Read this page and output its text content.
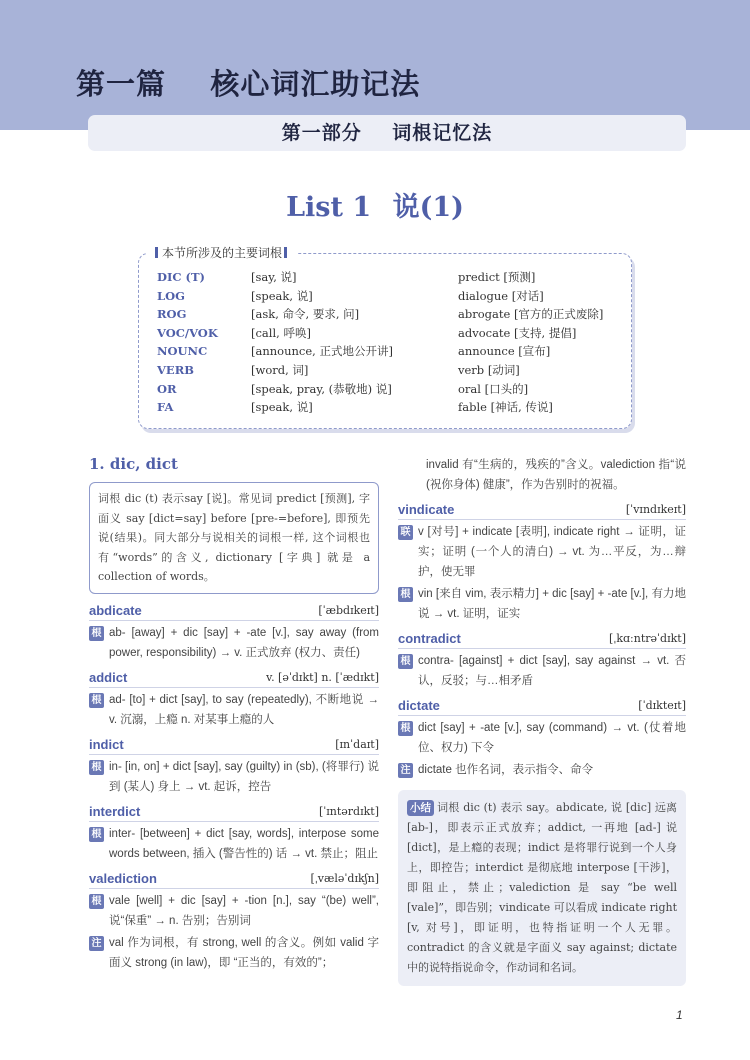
第一篇    核心词汇助记法
第一部分    词根记忆法
List 1 说(1)
本节所涉及的主要词根
DIC (T)	[say, 说]	predict [预测]
LOG	[speak, 说]	dialogue [对话]
ROG	[ask, 命令, 要求, 问]	abrogate [官方的正式废除]
VOC/VOK	[call, 呼唤]	advocate [支持, 提倡]
NOUNC	[announce, 正式地公开讲]	announce [宣布]
VERB	[word, 词]	verb [动词]
OR	[speak, pray, (恭敬地) 说]	oral [口头的]
FA	[speak, 说]	fable [神话, 传说]
1. dic, dict
词根 dic (t) 表示say [说]。常见词 predict [预测], 字面义 say [dict=say] before [pre-=before], 即预先说(结果)。同大部分与说相关的词根一样, 这个词根也有“words”的含义, dictionary [字典] 就是 a collection of words。
abdicate	[ˈæbdɪkeɪt]
根 ab- [away] + dic [say] + -ate [v.], say away (from power, responsibility) → v. 正式放弃 (权力、责任)
addict	v. [əˈdɪkt] n. [ˈædɪkt]
根 ad- [to] + dict [say], to say (repeatedly), 不断地说 → v. 沉溺，上瘾 n. 对某事上瘾的人
indict	[ɪnˈdaɪt]
根 in- [in, on] + dict [say], say (guilty) in (sb), (将罪行) 说到 (某人) 身上 → vt. 起诉，控告
interdict	[ˈɪntərdɪkt]
根 inter- [between] + dict [say, words], interpose some words between, 插入 (警告性的) 话 → vt. 禁止；阻止
valediction	[ˌvæləˈdɪkʃn]
根 vale [well] + dic [say] + -tion [n.], say “(be) well”, 说“保重” → n. 告别；告别词
注 val 作为词根，有 strong, well 的含义。例如 valid 字面义 strong (in law)，即 “正当的，有效的”；
invalid 有“生病的，残疾的”含义。valediction 指“说 (祝你身体) 健康”，作为告别时的祝福。
vindicate	[ˈvɪndɪkeɪt]
联 v [对号] + indicate [表明], indicate right → 证明，证实；证明 (一个人的清白) → vt. 为…平反，为…辩护，使无罪
根 vin [来自 vim, 表示精力] + dic [say] + -ate [v.], 有力地说 → vt. 证明，证实
contradict	[ˌkɑːntrəˈdɪkt]
根 contra- [against] + dict [say], say against → vt. 否认，反驳；与…相矛盾
dictate	[ˈdɪkteɪt]
根 dict [say] + -ate [v.], say (command) → vt. (仗着地位、权力) 下令
注 dictate 也作名词，表示指令、命令
小结 词根 dic (t) 表示 say。abdicate, 说 [dic] 远离 [ab-]，即表示正式放弃；addict, 一再地 [ad-] 说 [dict]，是上瘾的表现；indict 是将罪行说到一个人身上，即控告；interdict 是彻底地 interpose [干涉]，即阻止，禁止；valediction 是 say “be well [vale]”，即告别；vindicate 可以看成 indicate right [v, 对号]，即证明，也特指证明一个人无罪。contradict 的含义就是字面义 say against; dictate 中的说特指说命令，作动词和名词。
1
